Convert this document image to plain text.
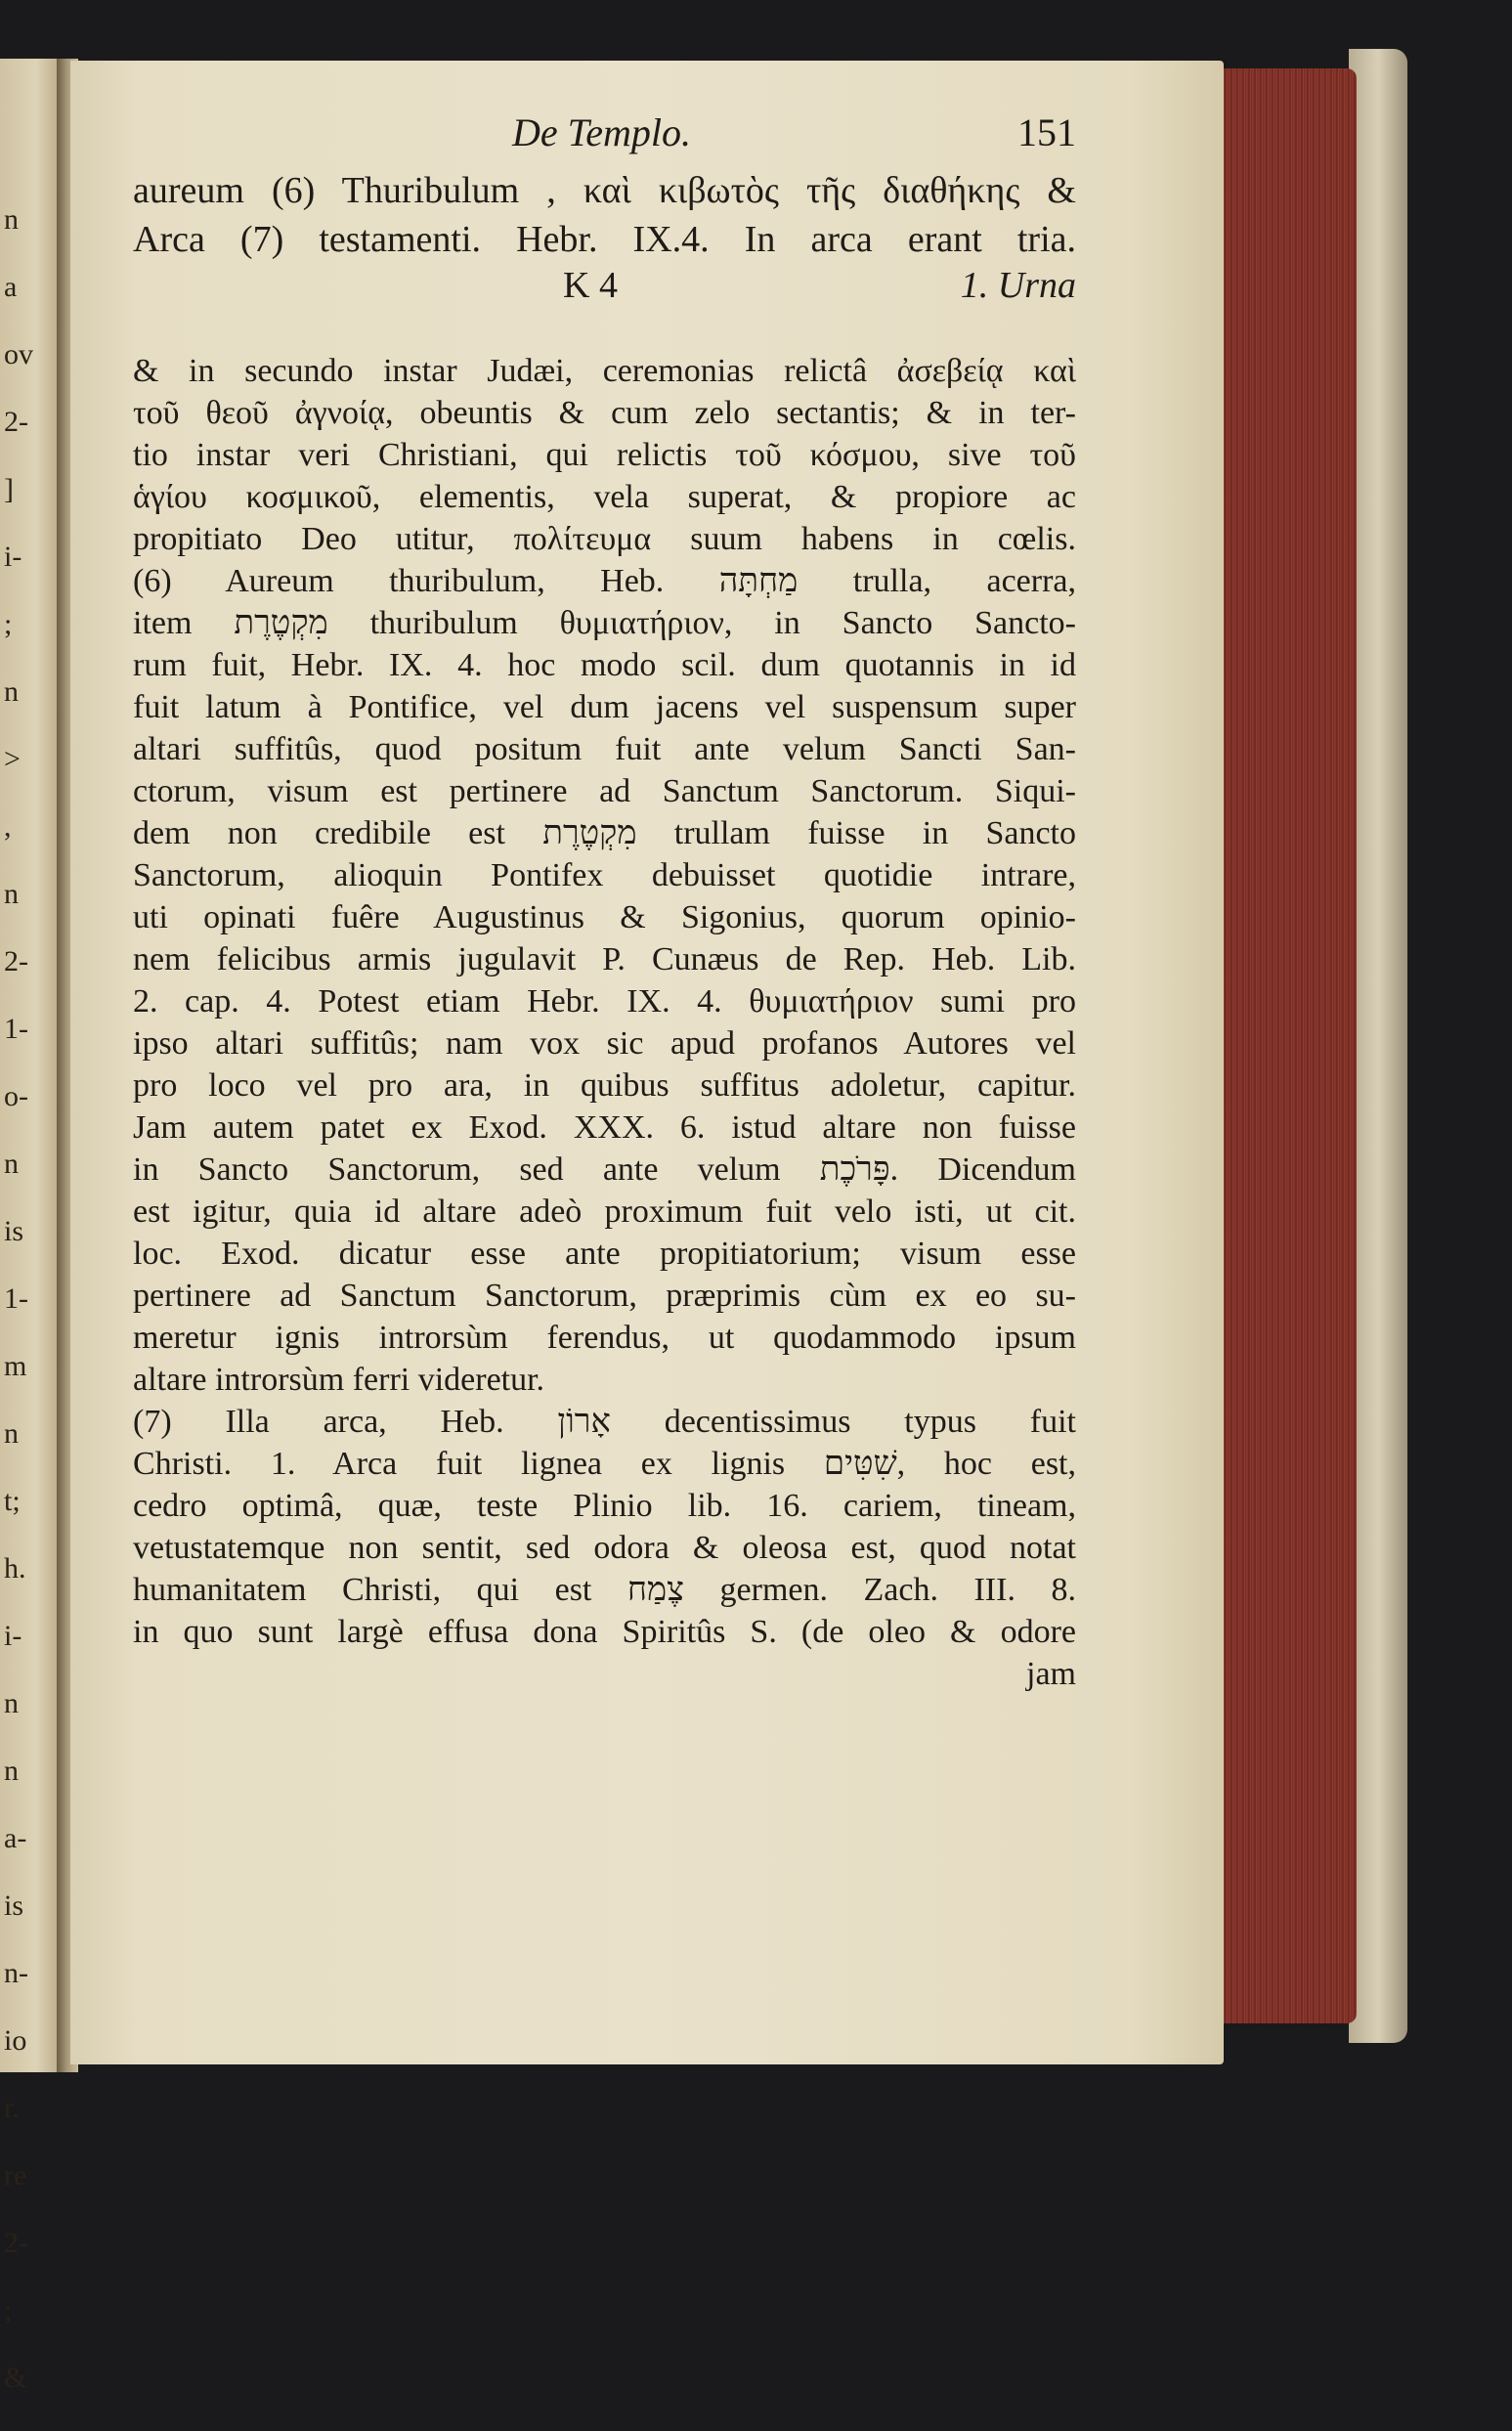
n
a
ov
2-
]
i-
;
n
>
,
n
2-
1-
o-
n
is
1-
m
n
t;
h.
i-
n
n
a-
is
n-
io
r.
re
2-
;
&
De Templo.	151
aureum (6) Thuribulum , καὶ κιβωτὸς τῆς διαθήκης &
Arca (7) testamenti. Hebr. IX.4. In arca erant tria.
K 4	1. Urna
& in secundo instar Judæi, ceremonias relictâ ἀσεβείᾳ καὶ
τοῦ θεοῦ ἀγνοίᾳ, obeuntis & cum zelo sectantis; & in ter-
tio instar veri Christiani, qui relictis τοῦ κόσμου, sive τοῦ
ἁγίου κοσμικοῦ, elementis, vela superat, & propiore ac
propitiato Deo utitur, πολίτευμα suum habens in cœlis.
(6) Aureum thuribulum, Heb. מַחְתָּה trulla, acerra,
item מִקְטֶרֶת thuribulum θυμιατήριον, in Sancto Sancto-
rum fuit, Hebr. IX. 4. hoc modo scil. dum quotannis in id
fuit latum à Pontifice, vel dum jacens vel suspensum super
altari suffitûs, quod positum fuit ante velum Sancti San-
ctorum, visum est pertinere ad Sanctum Sanctorum. Siqui-
dem non credibile est מִקְטֶרֶת trullam fuisse in Sancto
Sanctorum, alioquin Pontifex debuisset quotidie intrare,
uti opinati fuêre Augustinus & Sigonius, quorum opinio-
nem felicibus armis jugulavit P. Cunæus de Rep. Heb. Lib.
2. cap. 4. Potest etiam Hebr. IX. 4. θυμιατήριον sumi pro
ipso altari suffitûs; nam vox sic apud profanos Autores vel
pro loco vel pro ara, in quibus suffitus adoletur, capitur.
Jam autem patet ex Exod. XXX. 6. istud altare non fuisse
in Sancto Sanctorum, sed ante velum פָּרֹכֶת. Dicendum
est igitur, quia id altare adeò proximum fuit velo isti, ut cit.
loc. Exod. dicatur esse ante propitiatorium; visum esse
pertinere ad Sanctum Sanctorum, præprimis cùm ex eo su-
meretur ignis introrsùm ferendus, ut quodammodo ipsum
altare introrsùm ferri videretur.
(7) Illa arca, Heb. אָרוֹן decentissimus typus fuit
Christi. 1. Arca fuit lignea ex lignis שִׁטִּים, hoc est,
cedro optimâ, quæ, teste Plinio lib. 16. cariem, tineam,
vetustatemque non sentit, sed odora & oleosa est, quod notat
humanitatem Christi, qui est צֶמַח germen. Zach. III. 8.
in quo sunt largè effusa dona Spiritûs S. (de oleo & odore
jam
